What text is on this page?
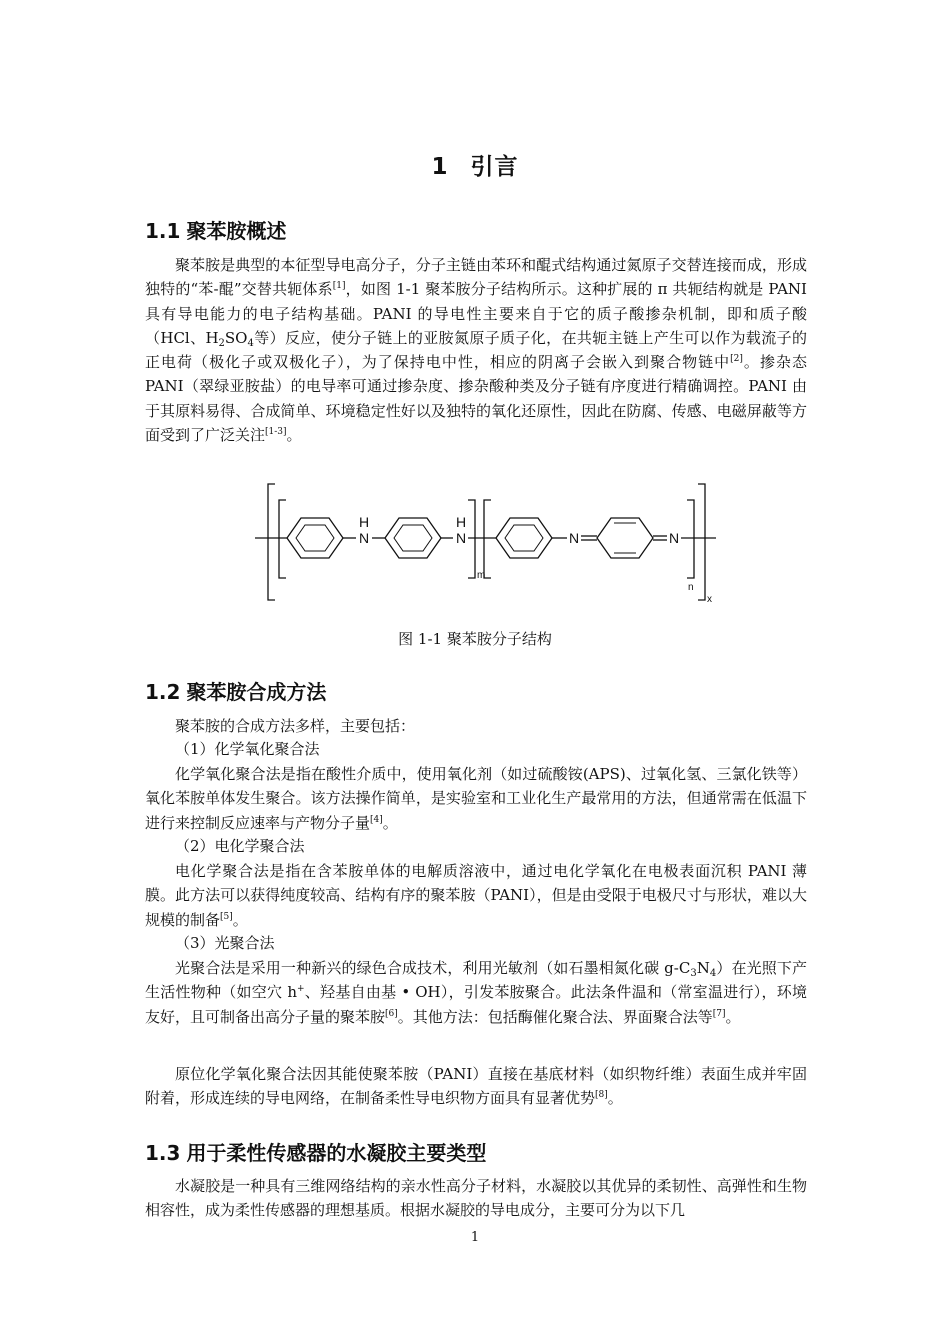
1 引言
1.1 聚苯胺概述
聚苯胺是典型的本征型导电高分子，分子主链由苯环和醌式结构通过氮原子交替连接而成，形成独特的“苯-醌”交替共轭体系[1]，如图 1-1 聚苯胺分子结构所示。这种扩展的 π 共轭结构就是 PANI 具有导电能力的电子结构基础。PANI 的导电性主要来自于它的质子酸掺杂机制，即和质子酸（HCl、$H_2SO_4$等）反应，使分子链上的亚胺氮原子质子化，在共轭主链上产生可以作为载流子的正电荷（极化子或双极化子），为了保持电中性，相应的阴离子会嵌入到聚合物链中[2]。掺杂态 PANI（翠绿亚胺盐）的电导率可通过掺杂度、掺杂酸种类及分子链有序度进行精确调控。PANI 由于其原料易得、合成简单、环境稳定性好以及独特的氧化还原性，因此在防腐、传感、电磁屏蔽等方面受到了广泛关注[1-3]。
N
H
N
H
N	N
m
n
x
图 1-1 聚苯胺分子结构
1.2 聚苯胺合成方法
聚苯胺的合成方法多样，主要包括：
（1）化学氧化聚合法
化学氧化聚合法是指在酸性介质中，使用氧化剂（如过硫酸铵(APS)、过氧化氢、三氯化铁等）氧化苯胺单体发生聚合。该方法操作简单，是实验室和工业化生产最常用的方法，但通常需在低温下进行来控制反应速率与产物分子量[4]。
（2）电化学聚合法
电化学聚合法是指在含苯胺单体的电解质溶液中，通过电化学氧化在电极表面沉积 PANI 薄膜。此方法可以获得纯度较高、结构有序的聚苯胺（PANI），但是由受限于电极尺寸与形状，难以大规模的制备[5]。
（3）光聚合法
光聚合法是采用一种新兴的绿色合成技术，利用光敏剂（如石墨相氮化碳 $g-C_3N_4$）在光照下产生活性物种（如空穴 h+、羟基自由基 • OH），引发苯胺聚合。此法条件温和（常室温进行），环境友好，且可制备出高分子量的聚苯胺[6]。其他方法：包括酶催化聚合法、界面聚合法等[7]。
原位化学氧化聚合法因其能使聚苯胺（PANI）直接在基底材料（如织物纤维）表面生成并牢固附着，形成连续的导电网络，在制备柔性导电织物方面具有显著优势[8]。
1.3 用于柔性传感器的水凝胶主要类型
水凝胶是一种具有三维网络结构的亲水性高分子材料，水凝胶以其优异的柔韧性、高弹性和生物相容性，成为柔性传感器的理想基质。根据水凝胶的导电成分，主要可分为以下几
1
